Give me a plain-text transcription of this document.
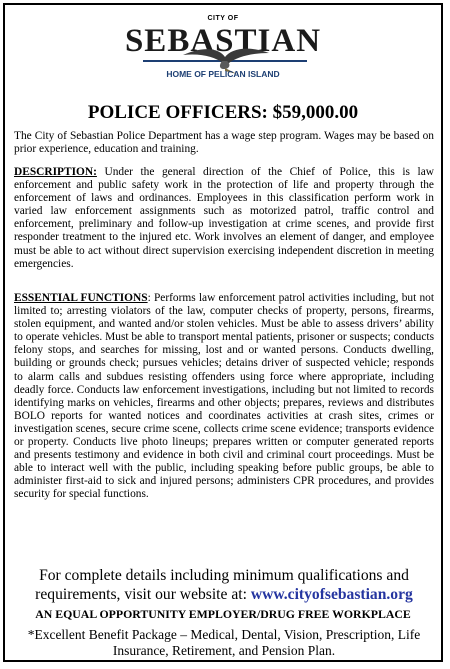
CITY OF
SEBASTIAN
HOME OF PELICAN ISLAND
POLICE OFFICERS: $59,000.00
The City of Sebastian Police Department has a wage step program. Wages may be based on prior experience, education and training.
DESCRIPTION: Under the general direction of the Chief of Police, this is law enforcement and public safety work in the protection of life and property through the enforcement of laws and ordinances. Employees in this classification perform work in varied law enforcement assignments such as motorized patrol, traffic control and enforcement, preliminary and follow-up investigation at crime scenes, and provide first responder treatment to the injured etc. Work involves an element of danger, and employee must be able to act without direct supervision exercising independent discretion in meeting emergencies.
ESSENTIAL FUNCTIONS: Performs law enforcement patrol activities including, but not limited to; arresting violators of the law, computer checks of property, persons, firearms, stolen equipment, and wanted and/or stolen vehicles. Must be able to assess drivers’ ability to operate vehicles. Must be able to transport mental patients, prisoner or suspects; conducts felony stops, and searches for missing, lost and or wanted persons. Conducts dwelling, building or grounds check; pursues vehicles; detains driver of suspected vehicle; responds to alarm calls and subdues resisting offenders using force where appropriate, including deadly force. Conducts law enforcement investigations, including but not limited to records identifying marks on vehicles, firearms and other objects; prepares, reviews and distributes BOLO reports for wanted notices and coordinates activities at crash sites, crimes or investigation scenes, secure crime scene, collects crime scene evidence; transports evidence or property. Conducts live photo lineups; prepares written or computer generated reports and presents testimony and evidence in both civil and criminal court proceedings. Must be able to interact well with the public, including speaking before public groups, be able to administer first-aid to sick and injured persons; administers CPR procedures, and provides security for special functions.
For complete details including minimum qualifications and requirements, visit our website at: www.cityofsebastian.org
AN EQUAL OPPORTUNITY EMPLOYER/DRUG FREE WORKPLACE
*Excellent Benefit Package – Medical, Dental, Vision, Prescription, Life Insurance, Retirement, and Pension Plan.
